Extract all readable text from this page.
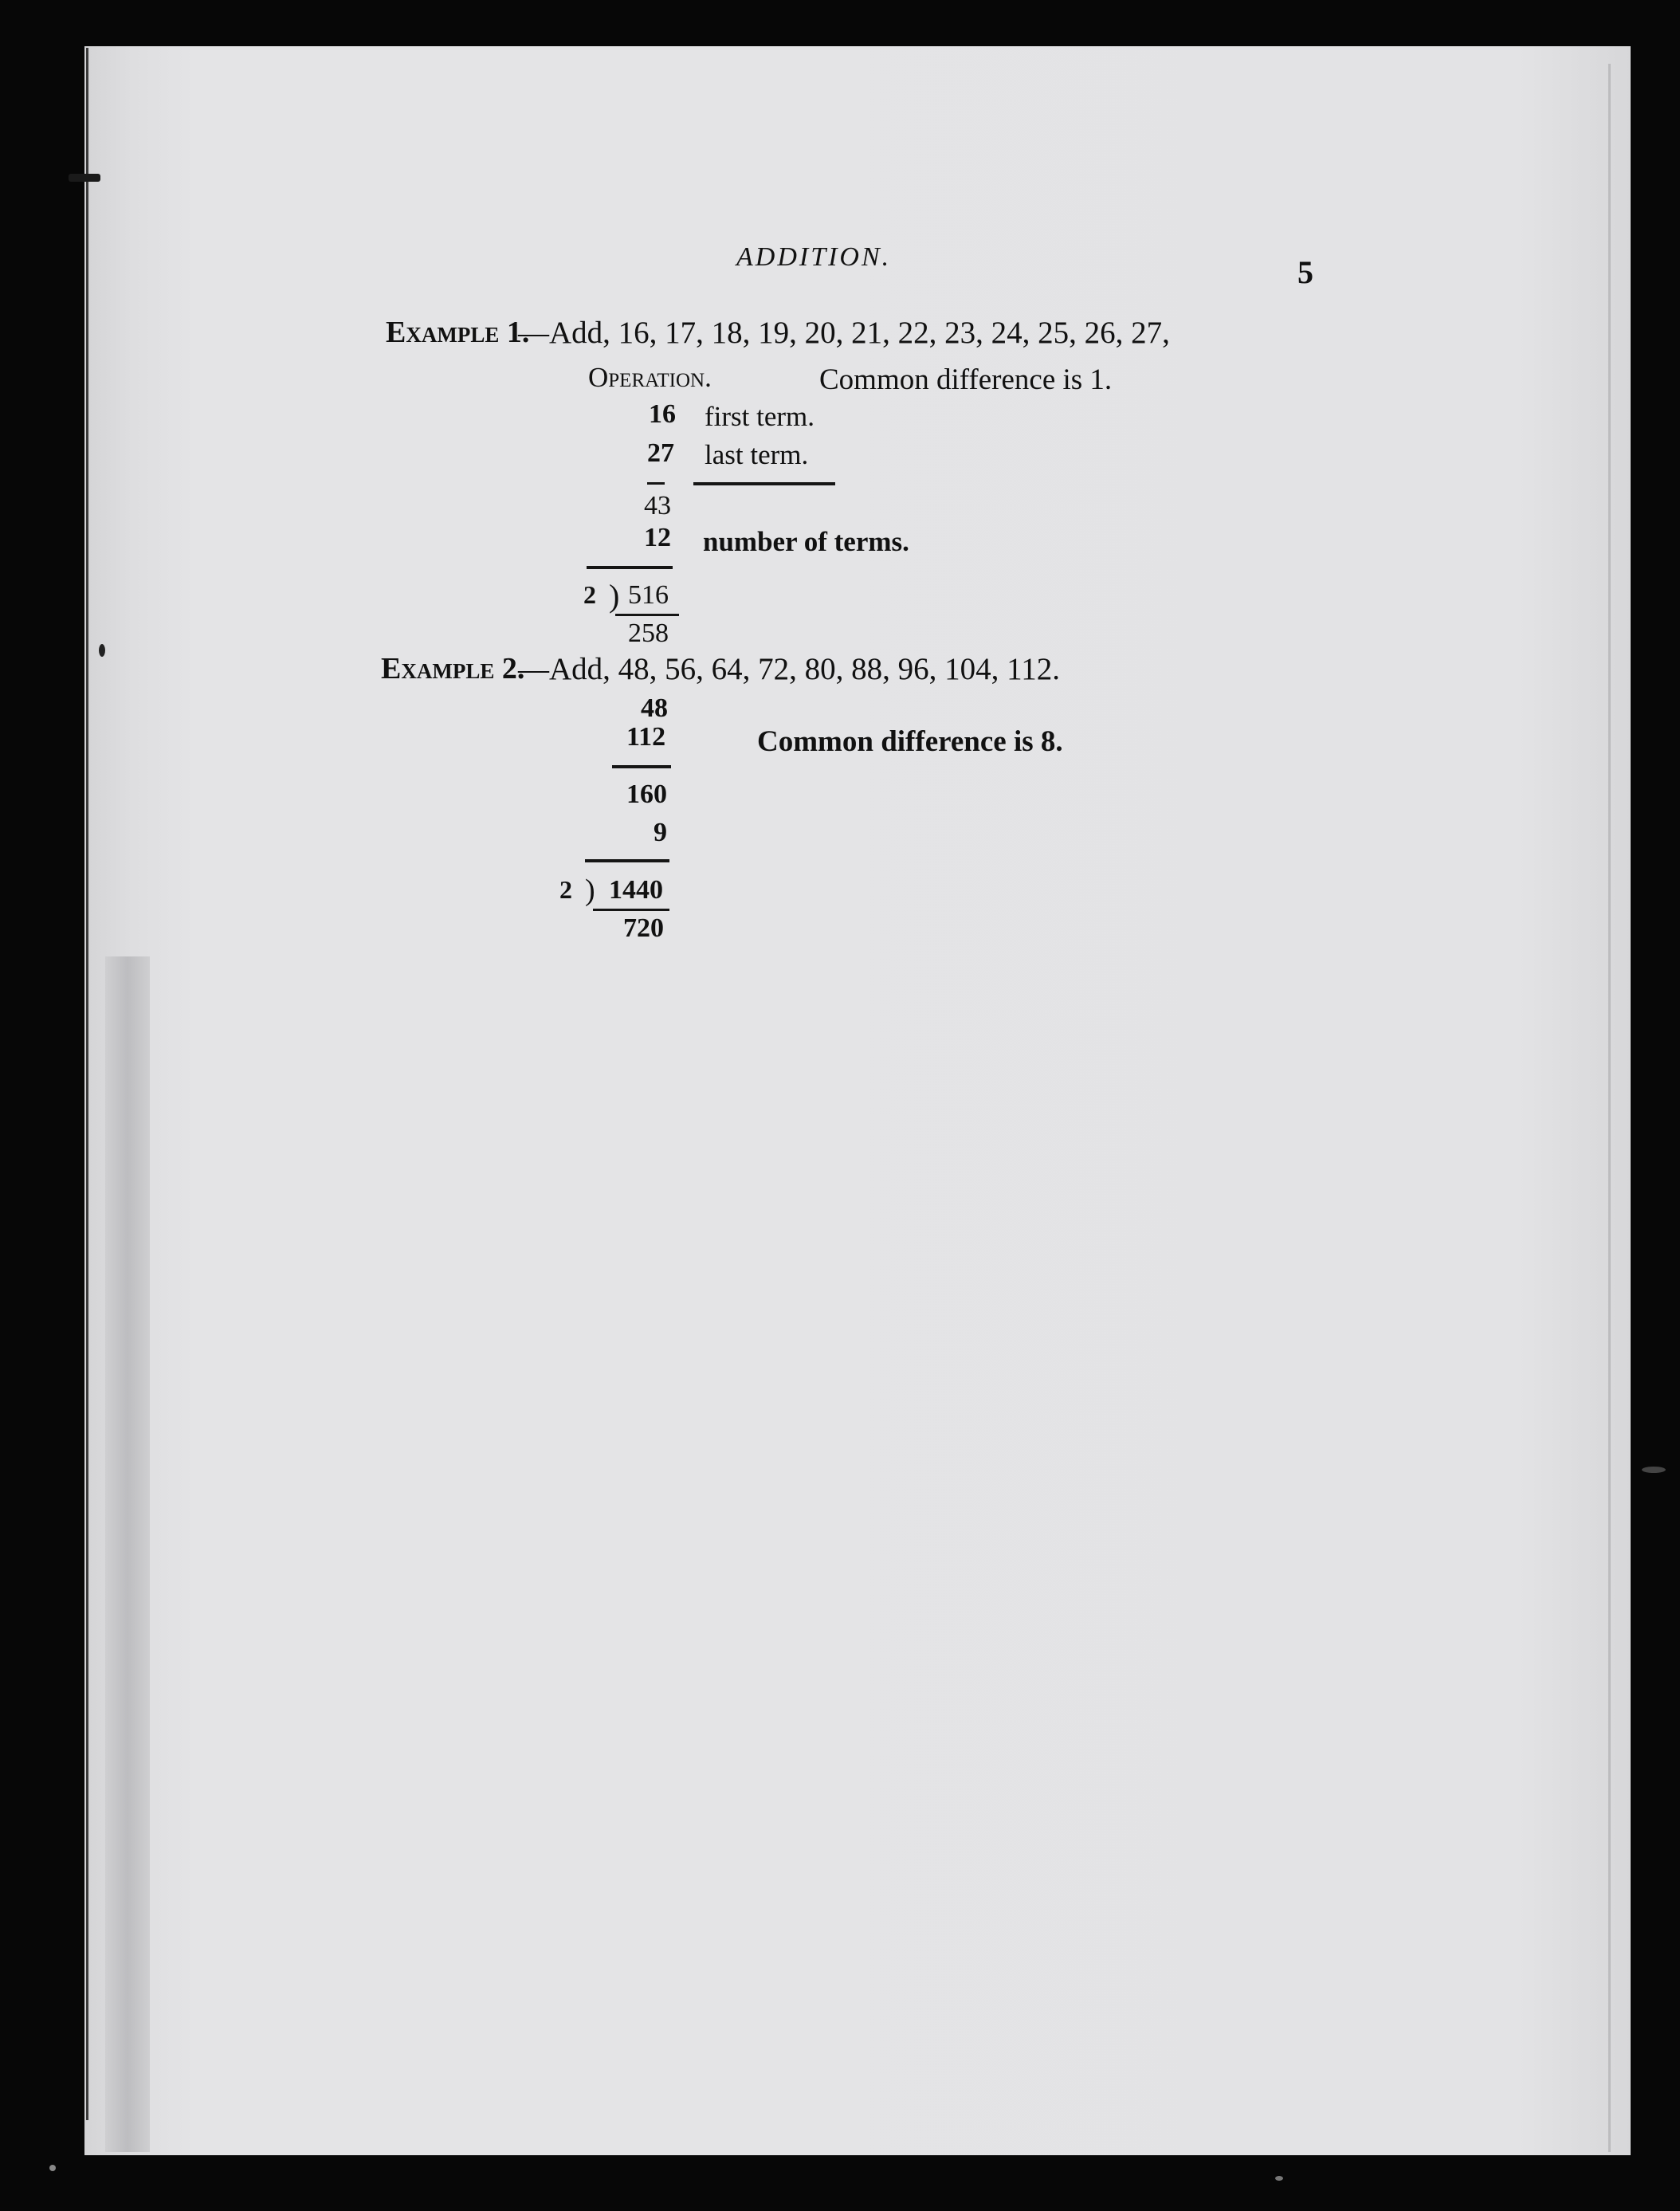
ADDITION.	5
Example 1.
—Add, 16, 17, 18, 19, 20, 21, 22, 23, 24, 25, 26, 27,
Operation.	Common difference is 1.
16 first term.
27 last term.
43
12 number of terms.
2 ) 516
258
Example 2.
—Add, 48, 56, 64, 72, 80, 88, 96, 104, 112.
48
112	Common difference is 8.
160
9
2 ) 1440
720
